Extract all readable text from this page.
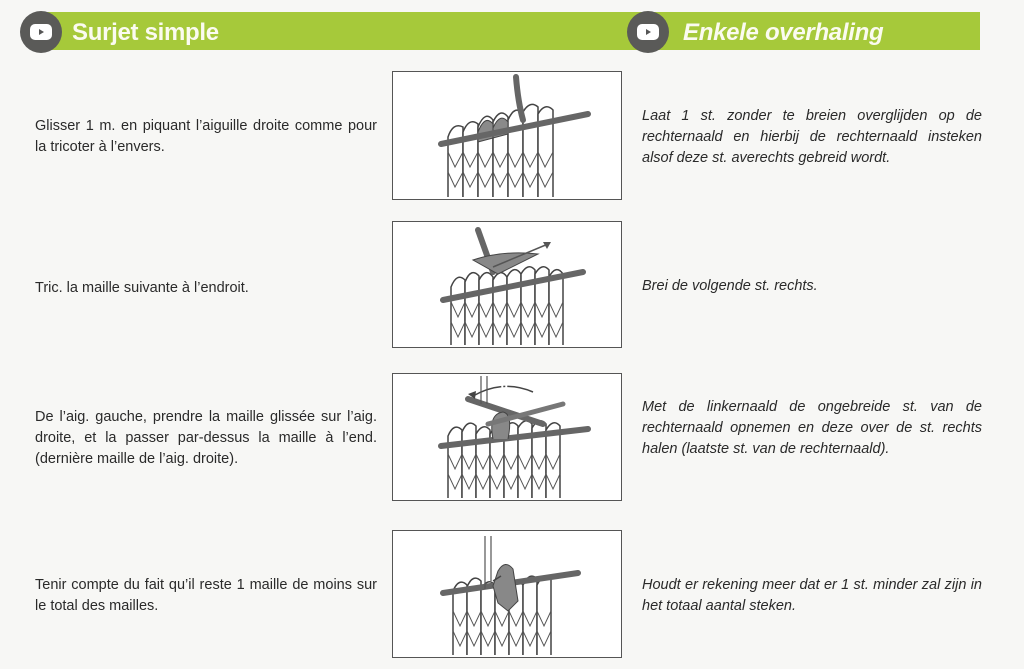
Surjet simple	Enkele overhaling
Glisser 1 m. en piquant l’aiguille droite comme pour la tricoter à l’envers.
Laat 1 st. zonder te breien overglijden op de rechternaald en hierbij de rechternaald insteken alsof deze st. averechts gebreid wordt.
Tric. la maille suivante à l’endroit.	Brei de volgende st. rechts.
De l’aig. gauche, prendre la maille glissée sur l’aig. droite, et la passer par-dessus la maille à l’end. (dernière maille de l’aig. droite).
Met de linkernaald de ongebreide st. van de rechternaald opnemen en deze over de st. rechts halen (laatste st. van de rechternaald).
Tenir compte du fait qu’il reste 1 maille de moins sur le total des mailles.
Houdt er rekening meer dat er 1 st. minder zal zijn in het totaal aantal steken.
